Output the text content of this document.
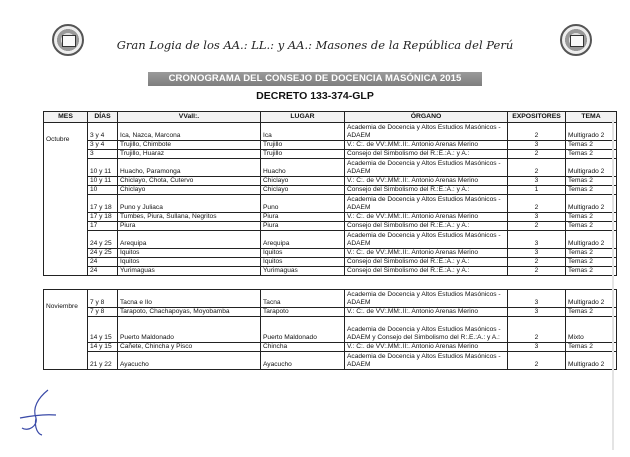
Gran Logia de los AA.: LL.: y AA.: Masones de la República del Perú
CRONOGRAMA DEL CONSEJO DE DOCENCIA MASÓNICA 2015
DECRETO 133-374-GLP
MES	DÍAS	VVall:.	LUGAR	ÓRGANO	EXPOSITORES	TEMA
Octubre	3 y 4	Ica, Nazca, Marcona	Ica	Academia de Docencia y Altos Estudios Masónicos -
ADAEM	2	Multigrado 2
	3 y 4	Trujillo, Chimbote	Trujillo	V.: C:. de VV:.MM:.II:. Antonio Arenas Merino	3	Temas 2
	3	Trujillo, Huaraz	Trujillo	Consejo del Simbolismo del R.:E.:A.: y A.:	2	Temas 2
	10 y 11	Huacho, Paramonga	Huacho	Academia de Docencia y Altos Estudios Masónicos -
ADAEM	2	Multigrado 2
	10 y 11	Chiclayo, Chota, Cutervo	Chiclayo	V.: C:. de VV:.MM:.II:. Antonio Arenas Merino	3	Temas 2
	10	Chiclayo	Chiclayo	Consejo del Simbolismo del R.:E.:A.: y A.:	1	Temas 2
	17 y 18	Puno y Juliaca	Puno	Academia de Docencia y Altos Estudios Masónicos -
ADAEM	2	Multigrado 2
	17 y 18	Tumbes, Piura, Sullana, Negritos	Piura	V.: C:. de VV:.MM:.II:. Antonio Arenas Merino	3	Temas 2
	17	Piura	Piura	Consejo del Simbolismo del R.:E.:A.: y A.:	2	Temas 2
	24 y 25	Arequipa	Arequipa	Academia de Docencia y Altos Estudios Masónicos -
ADAEM	3	Multigrado 2
	24 y 25	Iquitos	Iquitos	V.: C:. de VV:.MM:.II:. Antonio Arenas Merino	3	Temas 2
	24	Iquitos	Iquitos	Consejo del Simbolismo del R.:E.:A.: y A.:	2	Temas 2
	24	Yurimaguas	Yurimaguas	Consejo del Simbolismo del R.:E.:A.: y A.:	2	Temas 2

Noviembre	7 y 8	Tacna e Ilo	Tacna	Academia de Docencia y Altos Estudios Masónicos -
ADAEM	3	Multigrado 2
	7 y 8	Tarapoto, Chachapoyas, Moyobamba	Tarapoto	V.: C:. de VV:.MM:.II:. Antonio Arenas Merino	3	Temas 2
	14 y 15	Puerto Maldonado	Puerto Maldonado	Academia de Docencia y Altos Estudios Masónicos -
ADAEM y Consejo del Simbolismo del R:.E.:A.: y A.:	2	Mixto
	14 y 15	Cañete, Chincha y Pisco	Chincha	V.: C:. de VV:.MM:.II:. Antonio Arenas Merino	3	Temas 2
	21 y 22	Ayacucho	Ayacucho	Academia de Docencia y Altos Estudios Masónicos -
ADAEM	2	Multigrado 2
